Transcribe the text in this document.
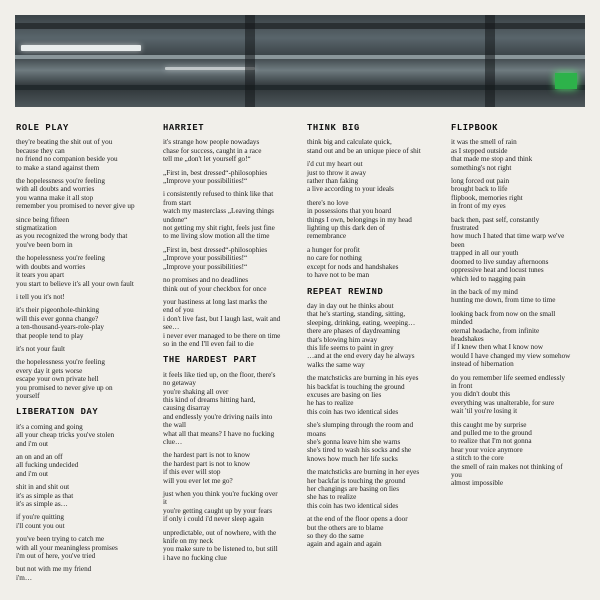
ROLE PLAY
they're beating the shit out of you
because they can
no friend no companion beside you
to make a stand against them
the hopelessness you're feeling
with all doubts and worries
you wanna make it all stop
remember you promised to never give up
since being fifteen
stigmatization
as you recognized the wrong body that
you've been born in
the hopelessness you're feeling
with doubts and worries
it tears you apart
you start to believe it's all your own fault
i tell you it's not!
it's their pigeonhole-thinking
will this ever gonna change?
a ten-thousand-years-role-play
that people tend to play
it's not your fault
the hopelessness you're feeling
every day it gets worse
escape your own private hell
you promised to never give up on
yourself
LIBERATION DAY
it's a coming and going
all your cheap tricks you've stolen
and i'm out
an on and an off
all fucking undecided
and i'm out
shit in and shit out
it's as simple as that
it's as simple as…
if you're quitting
i'll count you out
you've been trying to catch me
with all your meaningless promises
i'm out of here, you've tried
but not with me my friend
i'm…
HARRIET
it's strange how people nowadays
chase for success, caught in a race
tell me „don't let yourself go!“
„First in, best dressed“-philosophies
„Improve your possibilities!“
i consistently refused to think like that
from start
watch my masterclass „Leaving things
undone“
not getting my shit right, feels just fine
to me living slow motion all the time
„First in, best dressed“-philosophies
„Improve your possibilities!“
„Improve your possibilities!“
no promises and no deadlines
think out of your checkbox for once
your hastiness at long last marks the
end of you
i don't live fast, but I laugh last, wait and
see…
i never ever managed to be there on time
so in the end I'll even fail to die
THE HARDEST PART
it feels like tied up, on the floor, there's
no getaway
you're shaking all over
this kind of dreams hitting hard,
causing disarray
and endlessly you're driving nails into
the wall
what all that means? I have no fucking
clue…
the hardest part is not to know
the hardest part is not to know
if this ever will stop
will you ever let me go?
just when you think you're fucking over
it
you're getting caught up by your fears
if only i could i'd never sleep again
unpredictable, out of nowhere, with the
knife on my neck
you make sure to be listened to, but still
i have no fucking clue
THINK BIG
think big and calculate quick,
stand out and be an unique piece of shit
i'd cut my heart out
just to throw it away
rather than faking
a live according to your ideals
there's no love
in possessions that you hoard
things I own, belongings in my head
lighting up this dark den of
remembrance
a hunger for profit
no care for nothing
except for nods and handshakes
to have not to be man
REPEAT REWIND
day in day out he thinks about
that he's starting, standing, sitting,
sleeping, drinking, eating, weeping…
there are phases of daydreaming
that's blowing him away
this life seems to paint in grey
…and at the end every day he always
walks the same way
the matchsticks are burning in his eyes
his backfat is touching the ground
excuses are basing on lies
he has to realize
this coin has two identical sides
she's slumping through the room and
moans
she's gonna leave him she warns
she's tired to wash his socks and she
knows how much her life sucks
the matchsticks are burning in her eyes
her backfat is touching the ground
her changings are basing on lies
she has to realize
this coin has two identical sides
at the end of the floor opens a door
but the others are to blame
so they do the same
again and again and again
FLIPBOOK
it was the smell of rain
as I stepped outside
that made me stop and think
something's not right
long forced out pain
brought back to life
flipbook, memories right
in front of my eyes
back then, past self, constantly
frustrated
how much I hated that time warp we've
been
trapped in all our youth
doomed to live sunday afternoons
oppressive heat and locust tunes
which led to nagging pain
in the back of my mind
hunting me down, from time to time
looking back from now on the small
minded
eternal headache, from infinite
headshakes
if I knew then what I know now
would I have changed my view somehow
instead of hibernation
do you remember life seemed endlessly
in front
you didn't doubt this
everything was unalterable, for sure
wait 'til you're losing it
this caught me by surprise
and pulled me to the ground
to realize that I'm not gonna
hear your voice anymore
a stitch to the core
the smell of rain makes not thinking of
you
almost impossible
